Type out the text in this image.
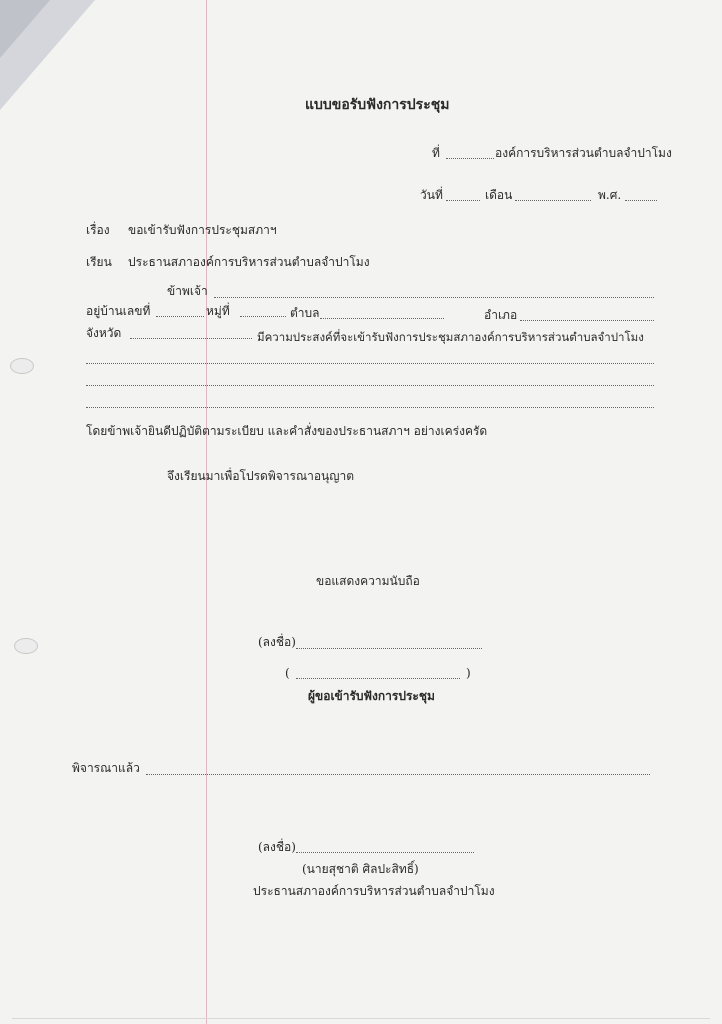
แบบขอรับฟังการประชุม
ที่	องค์การบริหารส่วนตำบลจำปาโมง
วันที่	เดือน	พ.ศ.
เรื่อง ขอเข้ารับฟังการประชุมสภาฯ
เรียน ประธานสภาองค์การบริหารส่วนตำบลจำปาโมง
ข้าพเจ้า
อยู่บ้านเลขที่	หมู่ที่	ตำบล	อำเภอ
จังหวัด	มีความประสงค์ที่จะเข้ารับฟังการประชุมสภาองค์การบริหารส่วนตำบลจำปาโมง
โดยข้าพเจ้ายินดีปฏิบัติตามระเบียบ และคำสั่งของประธานสภาฯ อย่างเคร่งครัด
จึงเรียนมาเพื่อโปรดพิจารณาอนุญาต
ขอแสดงความนับถือ
(ลงชื่อ)
(	)
ผู้ขอเข้ารับฟังการประชุม
พิจารณาแล้ว
(ลงชื่อ)
(นายสุชาติ ศิลปะสิทธิ์)
ประธานสภาองค์การบริหารส่วนตำบลจำปาโมง
